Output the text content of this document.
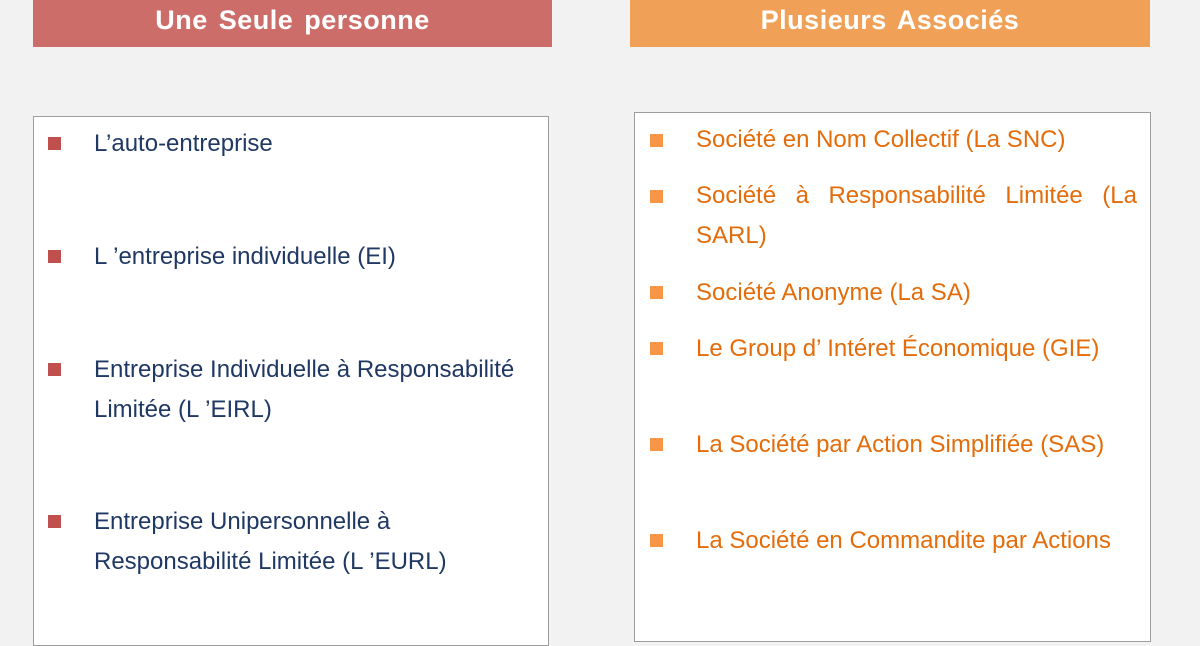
Une Seule personne	Plusieurs Associés
L’auto-entreprise
L ’entreprise individuelle (EI)
Entreprise Individuelle à Responsabilité Limitée (L ’EIRL)
Entreprise Unipersonnelle à Responsabilité Limitée (L ’EURL)
Société en Nom Collectif (La SNC)
Société à Responsabilité Limitée (La SARL)
Société Anonyme (La SA)
Le Group d’ Intéret Économique (GIE)
La Société par Action Simplifiée (SAS)
La Société en Commandite par Actions
